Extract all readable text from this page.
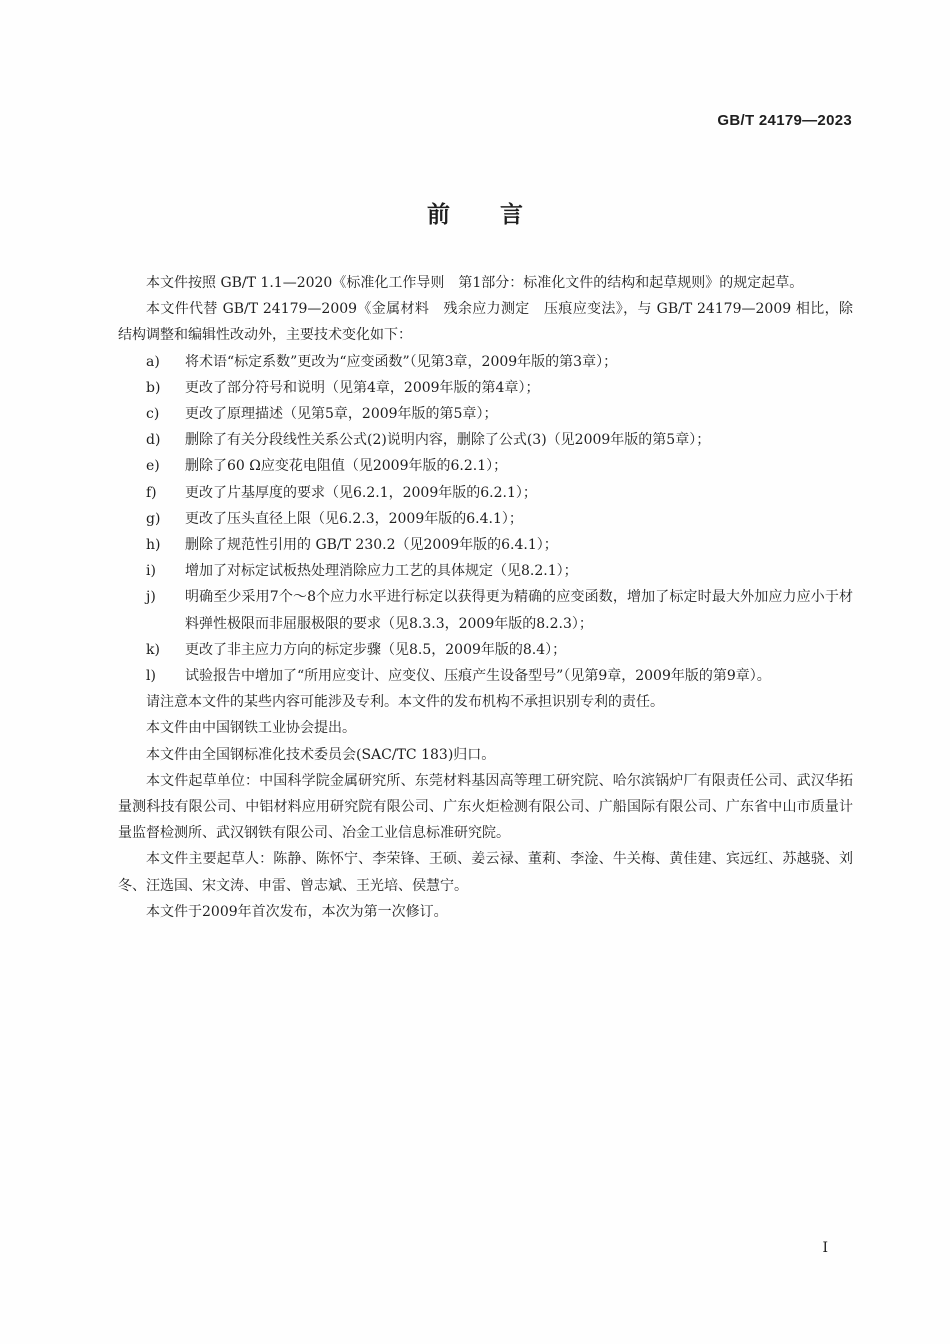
GB/T 24179—2023
前言

本文件按照 GB/T 1.1—2020《标准化工作导则　第1部分：标准化文件的结构和起草规则》的规定起草。

本文件代替 GB/T 24179—2009《金属材料　残余应力测定　压痕应变法》，与 GB/T 24179—2009 相比，除结构调整和编辑性改动外，主要技术变化如下：

a)	将术语“标定系数”更改为“应变函数”（见第3章，2009年版的第3章）；
b)	更改了部分符号和说明（见第4章，2009年版的第4章）；
c)	更改了原理描述（见第5章，2009年版的第5章）；
d)	删除了有关分段线性关系公式(2)说明内容，删除了公式(3)（见2009年版的第5章）；
e)	删除了60 Ω应变花电阻值（见2009年版的6.2.1）；
f)	更改了片基厚度的要求（见6.2.1，2009年版的6.2.1）；
g)	更改了压头直径上限（见6.2.3，2009年版的6.4.1）；
h)	删除了规范性引用的 GB/T 230.2（见2009年版的6.4.1）；
i)	增加了对标定试板热处理消除应力工艺的具体规定（见8.2.1）；
j)	明确至少采用7个～8个应力水平进行标定以获得更为精确的应变函数，增加了标定时最大外加应力应小于材料弹性极限而非屈服极限的要求（见8.3.3，2009年版的8.2.3）；
k)	更改了非主应力方向的标定步骤（见8.5，2009年版的8.4）；
l)	试验报告中增加了“所用应变计、应变仪、压痕产生设备型号”（见第9章，2009年版的第9章）。

请注意本文件的某些内容可能涉及专利。本文件的发布机构不承担识别专利的责任。

本文件由中国钢铁工业协会提出。

本文件由全国钢标准化技术委员会(SAC/TC 183)归口。

本文件起草单位：中国科学院金属研究所、东莞材料基因高等理工研究院、哈尔滨锅炉厂有限责任公司、武汉华拓量测科技有限公司、中铝材料应用研究院有限公司、广东火炬检测有限公司、广船国际有限公司、广东省中山市质量计量监督检测所、武汉钢铁有限公司、冶金工业信息标准研究院。

本文件主要起草人：陈静、陈怀宁、李荣锋、王硕、姜云禄、董莉、李淦、牛关梅、黄佳建、宾远红、苏越骁、刘冬、汪选国、宋文涛、申雷、曾志斌、王光培、侯慧宁。

本文件于2009年首次发布，本次为第一次修订。

I
